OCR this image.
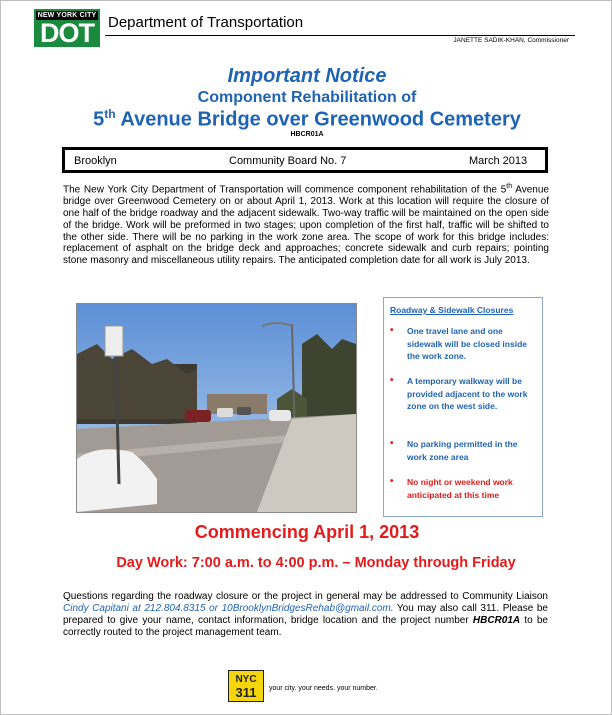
NEW YORK CITY
DOT Department of Transportation
JANETTE SADIK-KHAN, Commissioner
Important Notice
Component Rehabilitation of
5th Avenue Bridge over Greenwood Cemetery
HBCR01A
Brooklyn	Community Board No. 7	March 2013
The New York City Department of Transportation will commence component rehabilitation of the 5th Avenue bridge over Greenwood Cemetery on or about April 1, 2013. Work at this location will require the closure of one half of the bridge roadway and the adjacent sidewalk. Two-way traffic will be maintained on the open side of the bridge. Work will be preformed in two stages; upon completion of the first half, traffic will be shifted to the other side. There will be no parking in the work zone area. The scope of work for this bridge includes: replacement of asphalt on the bridge deck and approaches; concrete sidewalk and curb repairs; pointing stone masonry and miscellaneous utility repairs. The anticipated completion date for all work is July 2013.
Roadway & Sidewalk Closures
• One travel lane and one sidewalk will be closed inside the work zone.
• A temporary walkway will be provided adjacent to the work zone on the west side.
• No parking permitted in the work zone area
• No night or weekend work anticipated at this time
Commencing April 1, 2013
Day Work: 7:00 a.m. to 4:00 p.m. – Monday through Friday
Questions regarding the roadway closure or the project in general may be addressed to Community Liaison Cindy Capitani at 212.804.8315 or 10BrooklynBridgesRehab@gmail.com. You may also call 311. Please be prepared to give your name, contact information, bridge location and the project number HBCR01A to be correctly routed to the project management team.
NYC
311	your city. your needs. your number.
